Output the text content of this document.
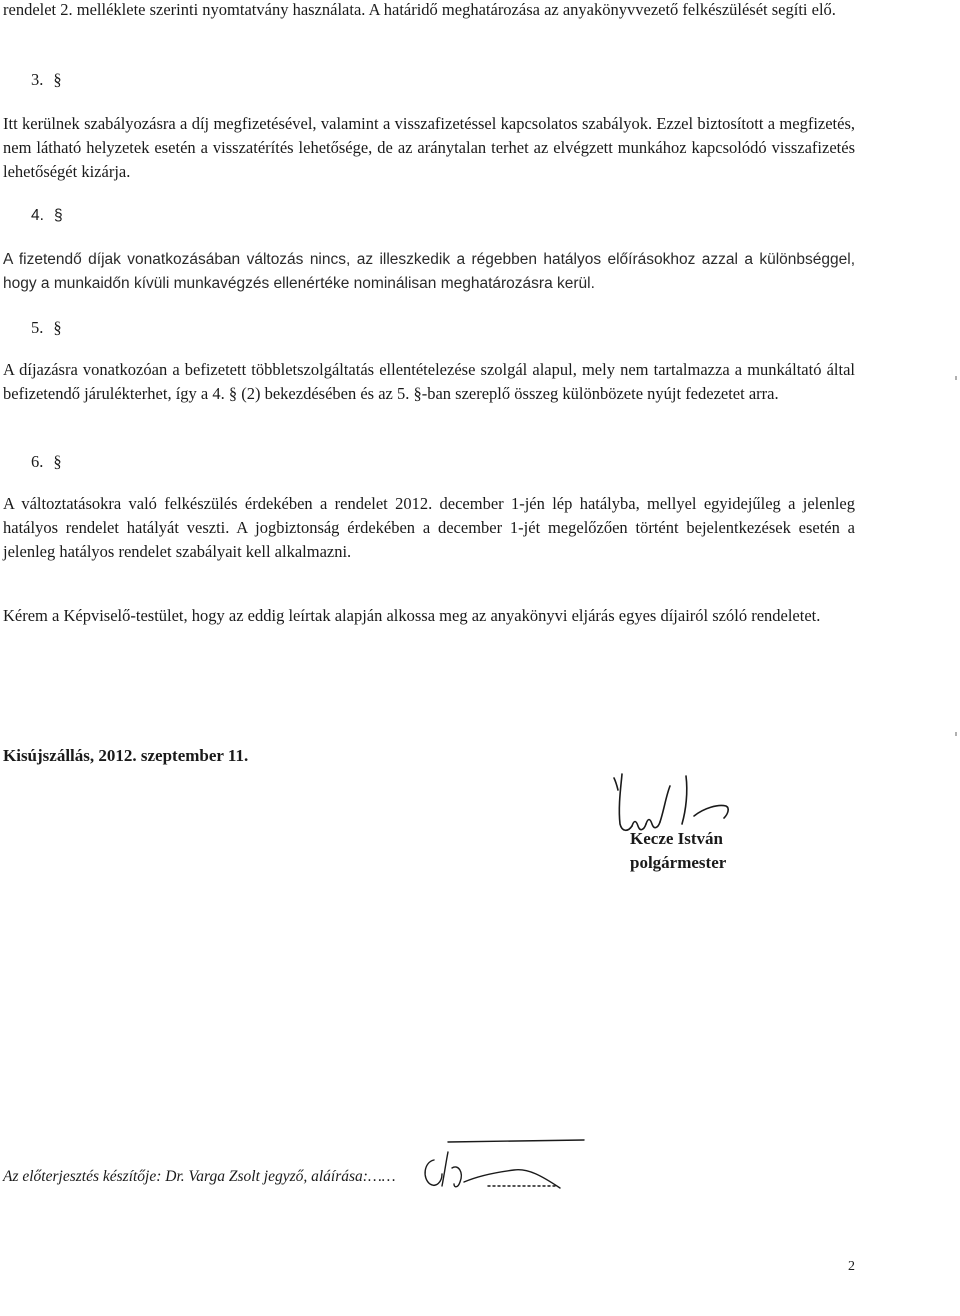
rendelet 2. melléklete szerinti nyomtatvány használata. A határidő meghatározása az anyakönyvvezető felkészülését segíti elő.

3. §

Itt kerülnek szabályozásra a díj megfizetésével, valamint a visszafizetéssel kapcsolatos szabályok. Ezzel biztosított a megfizetés, nem látható helyzetek esetén a visszatérítés lehetősége, de az aránytalan terhet az elvégzett munkához kapcsolódó visszafizetés lehetőségét kizárja.

4. §

A fizetendő díjak vonatkozásában változás nincs, az illeszkedik a régebben hatályos előírásokhoz azzal a különbséggel, hogy a munkaidőn kívüli munkavégzés ellenértéke nominálisan meghatározásra kerül.

5. §

A díjazásra vonatkozóan a befizetett többletszolgáltatás ellentételezése szolgál alapul, mely nem tartalmazza a munkáltató által befizetendő járulékterhet, így a 4. § (2) bekezdésében és az 5. §-ban szereplő összeg különbözete nyújt fedezetet arra.

6. §

A változtatásokra való felkészülés érdekében a rendelet 2012. december 1-jén lép hatályba, mellyel egyidejűleg a jelenleg hatályos rendelet hatályát veszti. A jogbiztonság érdekében a december 1-jét megelőzően történt bejelentkezések esetén a jelenleg hatályos rendelet szabályait kell alkalmazni.

Kérem a Képviselő-testület, hogy az eddig leírtak alapján alkossa meg az anyakönyvi eljárás egyes díjairól szóló rendeletet.

Kisújszállás, 2012. szeptember 11.
Kecze István
polgármester
Az előterjesztés készítője: Dr. Varga Zsolt jegyző, aláírása:……
2
